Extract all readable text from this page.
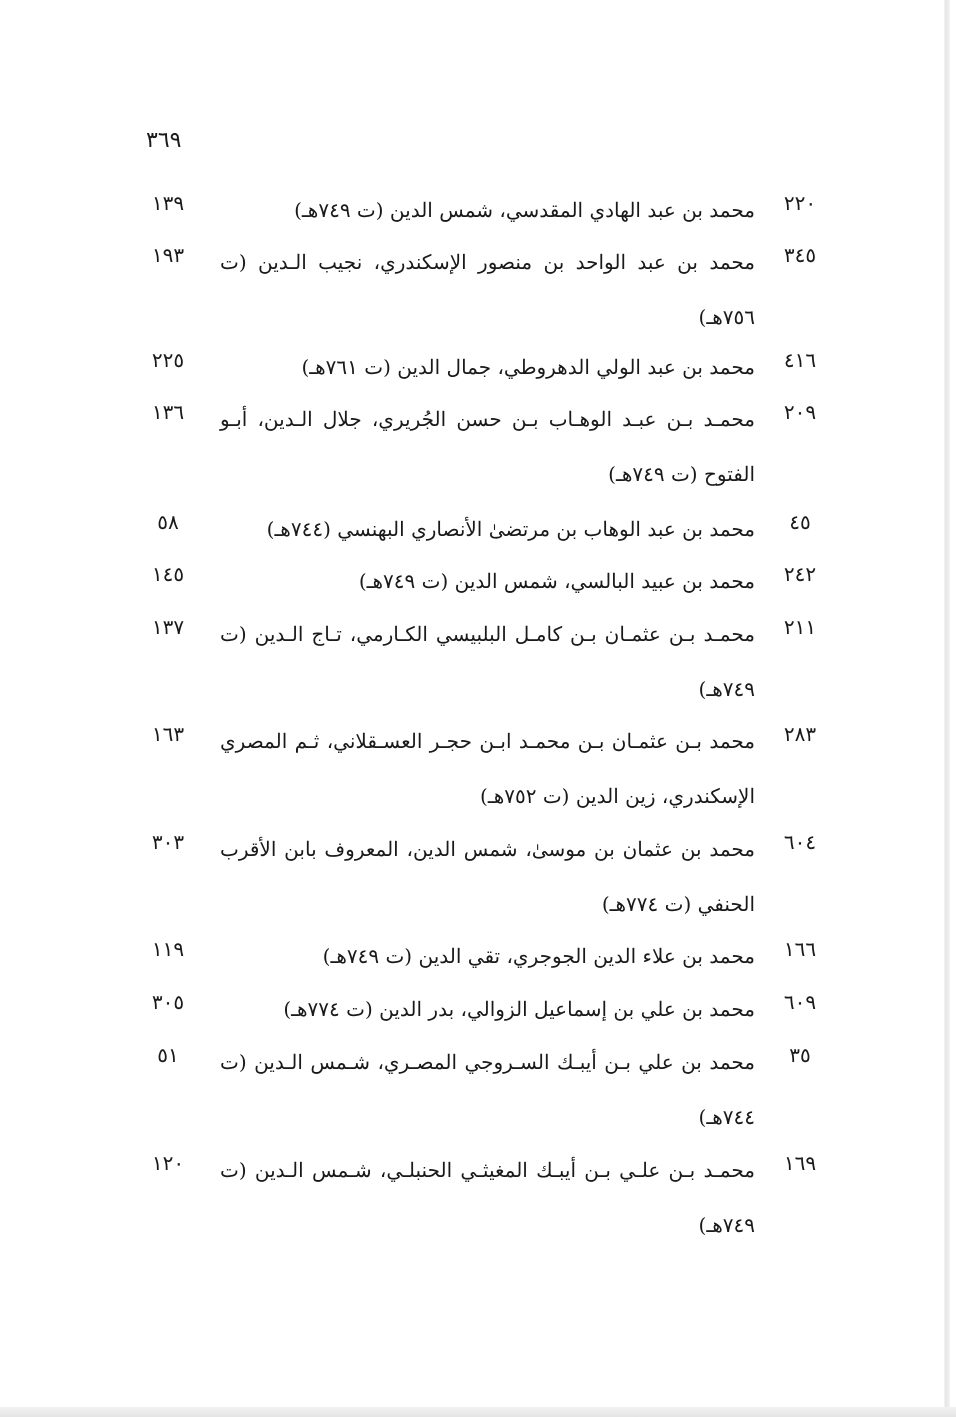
٣٦٩
٢٢٠
محمد بن عبد الهادي المقدسي، شمس الدين (ت ٧٤٩هـ)
١٣٩
٣٤٥
محمد بن عبد الواحد بن منصور الإسكندري، نجيب الـدين (ت ٧٥٦هـ)
١٩٣
٤١٦
محمد بن عبد الولي الدهروطي، جمال الدين (ت ٧٦١هـ)
٢٢٥
٢٠٩
محمـد بـن عبـد الوهـاب بـن حسن الجُريري، جلال الـدين، أبـو الفتوح (ت ٧٤٩هـ)
١٣٦
٤٥
محمد بن عبد الوهاب بن مرتضىٰ الأنصاري البهنسي (٧٤٤هـ)
٥٨
٢٤٢
محمد بن عبيد البالسي، شمس الدين (ت ٧٤٩هـ)
١٤٥
٢١١
محمـد بـن عثمـان بـن كامـل البلبيسي الكـارمي، تـاج الـدين (ت ٧٤٩هـ)
١٣٧
٢٨٣
محمد بـن عثمـان بـن محمـد ابـن حجـر العسـقلاني، ثـم المصري الإسكندري، زين الدين (ت ٧٥٢هـ)
١٦٣
٦٠٤
محمد بن عثمان بن موسىٰ، شمس الدين، المعروف بابن الأقرب الحنفي (ت ٧٧٤هـ)
٣٠٣
١٦٦
محمد بن علاء الدين الجوجري، تقي الدين (ت ٧٤٩هـ)
١١٩
٦٠٩
محمد بن علي بن إسماعيل الزوالي، بدر الدين (ت ٧٧٤هـ)
٣٠٥
٣٥
محمد بن علي بـن أيبـك السـروجي المصـري، شـمس الـدين (ت ٧٤٤هـ)
٥١
١٦٩
محمـد بـن علـي بـن أيبـك المغيثـي الحنبلـي، شـمس الـدين (ت ٧٤٩هـ)
١٢٠
